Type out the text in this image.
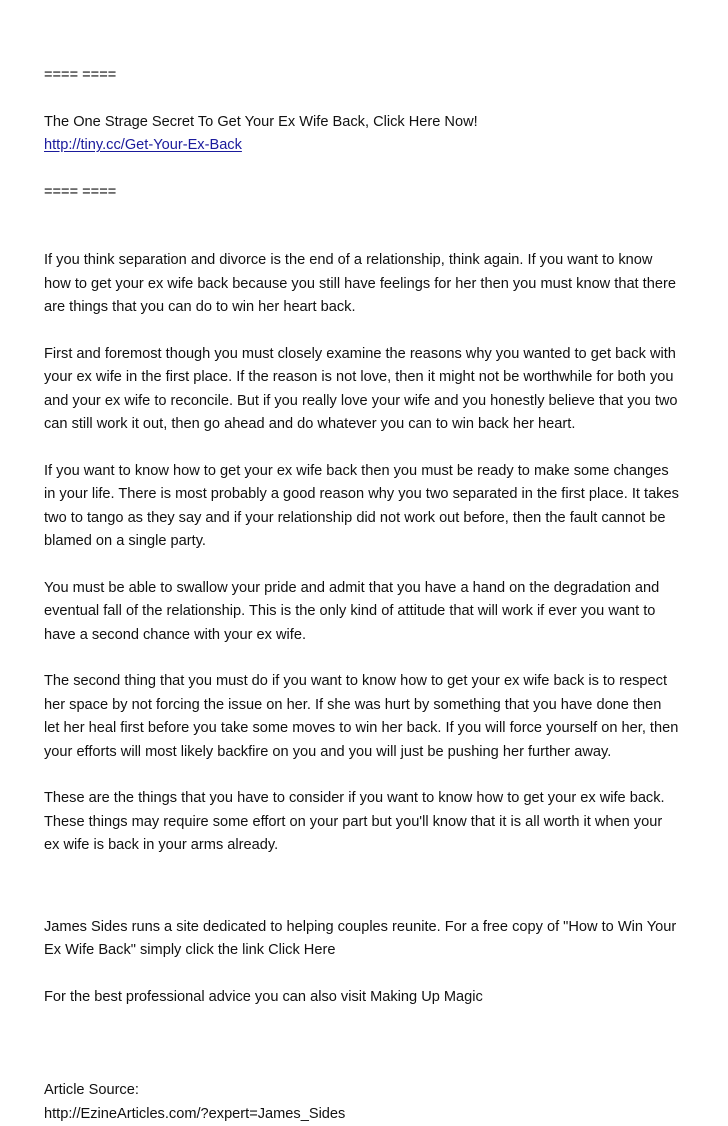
==== ====
The One Strage Secret To Get Your Ex Wife Back, Click Here Now!
http://tiny.cc/Get-Your-Ex-Back
==== ====

If you think separation and divorce is the end of a relationship, think again. If you want to know
how to get your ex wife back because you still have feelings for her then you must know that there
are things that you can do to win her heart back.

First and foremost though you must closely examine the reasons why you wanted to get back with
your ex wife in the first place. If the reason is not love, then it might not be worthwhile for both you
and your ex wife to reconcile. But if you really love your wife and you honestly believe that you two
can still work it out, then go ahead and do whatever you can to win back her heart.

If you want to know how to get your ex wife back then you must be ready to make some changes
in your life. There is most probably a good reason why you two separated in the first place. It takes
two to tango as they say and if your relationship did not work out before, then the fault cannot be
blamed on a single party.

You must be able to swallow your pride and admit that you have a hand on the degradation and
eventual fall of the relationship. This is the only kind of attitude that will work if ever you want to
have a second chance with your ex wife.

The second thing that you must do if you want to know how to get your ex wife back is to respect
her space by not forcing the issue on her. If she was hurt by something that you have done then
let her heal first before you take some moves to win her back. If you will force yourself on her, then
your efforts will most likely backfire on you and you will just be pushing her further away.

These are the things that you have to consider if you want to know how to get your ex wife back.
These things may require some effort on your part but you'll know that it is all worth it when your
ex wife is back in your arms already.

James Sides runs a site dedicated to helping couples reunite. For a free copy of "How to Win Your
Ex Wife Back" simply click the link Click Here

For the best professional advice you can also visit Making Up Magic

Article Source:
http://EzineArticles.com/?expert=James_Sides
